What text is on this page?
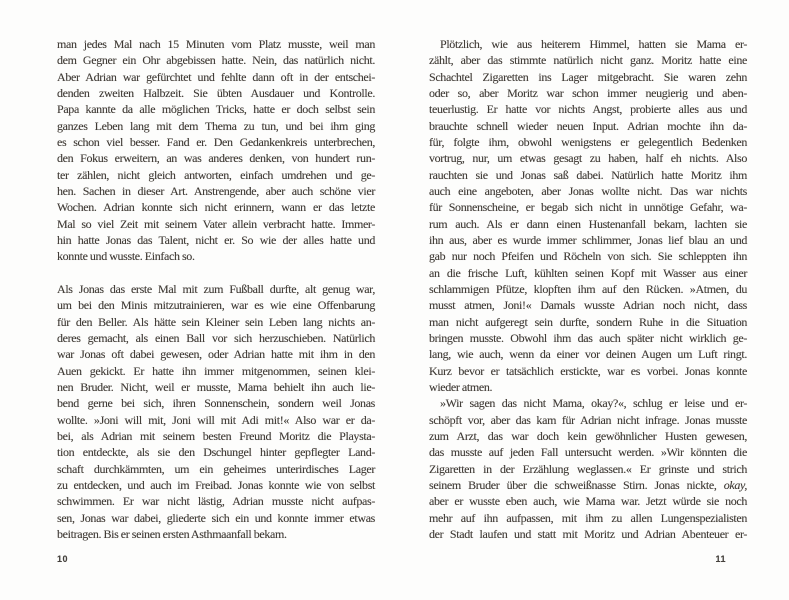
man jedes Mal nach 15 Minuten vom Platz musste, weil man
dem Gegner ein Ohr abgebissen hatte. Nein, das natürlich nicht.
Aber Adrian war gefürchtet und fehlte dann oft in der entschei-
denden zweiten Halbzeit. Sie übten Ausdauer und Kontrolle.
Papa kannte da alle möglichen Tricks, hatte er doch selbst sein
ganzes Leben lang mit dem Thema zu tun, und bei ihm ging
es schon viel besser. Fand er. Den Gedankenkreis unterbrechen,
den Fokus erweitern, an was anderes denken, von hundert run-
ter zählen, nicht gleich antworten, einfach umdrehen und ge-
hen. Sachen in dieser Art. Anstrengende, aber auch schöne vier
Wochen. Adrian konnte sich nicht erinnern, wann er das letzte
Mal so viel Zeit mit seinem Vater allein verbracht hatte. Immer-
hin hatte Jonas das Talent, nicht er. So wie der alles hatte und
konnte und wusste. Einfach so.
Als Jonas das erste Mal mit zum Fußball durfte, alt genug war,
um bei den Minis mitzutrainieren, war es wie eine Offenbarung
für den Beller. Als hätte sein Kleiner sein Leben lang nichts an-
deres gemacht, als einen Ball vor sich herzuschieben. Natürlich
war Jonas oft dabei gewesen, oder Adrian hatte mit ihm in den
Auen gekickt. Er hatte ihn immer mitgenommen, seinen klei-
nen Bruder. Nicht, weil er musste, Mama behielt ihn auch lie-
bend gerne bei sich, ihren Sonnenschein, sondern weil Jonas
wollte. »Joni will mit, Joni will mit Adi mit!« Also war er da-
bei, als Adrian mit seinem besten Freund Moritz die Playsta-
tion entdeckte, als sie den Dschungel hinter gepflegter Land-
schaft durchkämmten, um ein geheimes unterirdisches Lager
zu entdecken, und auch im Freibad. Jonas konnte wie von selbst
schwimmen. Er war nicht lästig, Adrian musste nicht aufpas-
sen, Jonas war dabei, gliederte sich ein und konnte immer etwas
beitragen. Bis er seinen ersten Asthmaanfall bekam.
10
Plötzlich, wie aus heiterem Himmel, hatten sie Mama er-
zählt, aber das stimmte natürlich nicht ganz. Moritz hatte eine
Schachtel Zigaretten ins Lager mitgebracht. Sie waren zehn
oder so, aber Moritz war schon immer neugierig und aben-
teuerlustig. Er hatte vor nichts Angst, probierte alles aus und
brauchte schnell wieder neuen Input. Adrian mochte ihn da-
für, folgte ihm, obwohl wenigstens er gelegentlich Bedenken
vortrug, nur, um etwas gesagt zu haben, half eh nichts. Also
rauchten sie und Jonas saß dabei. Natürlich hatte Moritz ihm
auch eine angeboten, aber Jonas wollte nicht. Das war nichts
für Sonnenscheine, er begab sich nicht in unnötige Gefahr, wa-
rum auch. Als er dann einen Hustenanfall bekam, lachten sie
ihn aus, aber es wurde immer schlimmer, Jonas lief blau an und
gab nur noch Pfeifen und Röcheln von sich. Sie schleppten ihn
an die frische Luft, kühlten seinen Kopf mit Wasser aus einer
schlammigen Pfütze, klopften ihm auf den Rücken. »Atmen, du
musst atmen, Joni!« Damals wusste Adrian noch nicht, dass
man nicht aufgeregt sein durfte, sondern Ruhe in die Situation
bringen musste. Obwohl ihm das auch später nicht wirklich ge-
lang, wie auch, wenn da einer vor deinen Augen um Luft ringt.
Kurz bevor er tatsächlich erstickte, war es vorbei. Jonas konnte
wieder atmen.
»Wir sagen das nicht Mama, okay?«, schlug er leise und er-
schöpft vor, aber das kam für Adrian nicht infrage. Jonas musste
zum Arzt, das war doch kein gewöhnlicher Husten gewesen,
das musste auf jeden Fall untersucht werden. »Wir könnten die
Zigaretten in der Erzählung weglassen.« Er grinste und strich
seinem Bruder über die schweißnasse Stirn. Jonas nickte, okay,
aber er wusste eben auch, wie Mama war. Jetzt würde sie noch
mehr auf ihn aufpassen, mit ihm zu allen Lungenspezialisten
der Stadt laufen und statt mit Moritz und Adrian Abenteuer er-
11
